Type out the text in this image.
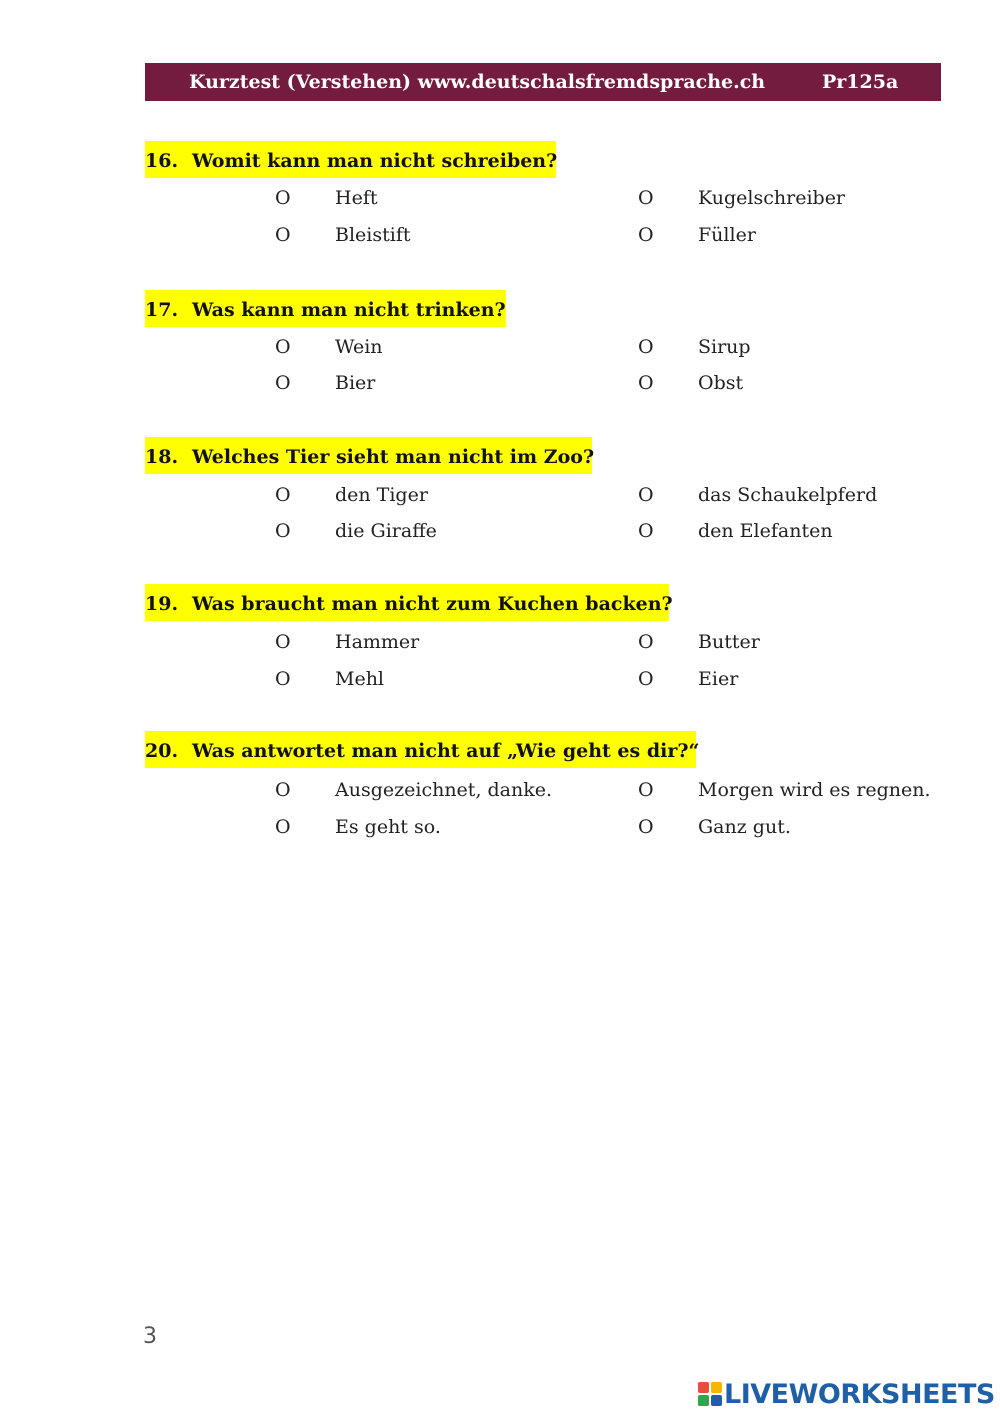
Kurztest (Verstehen) www.deutschalsfremdsprache.ch	Pr125a
16. Womit kann man nicht schreiben?
O Heft	O Kugelschreiber
O Bleistift	O Füller
17. Was kann man nicht trinken?
O Wein	O Sirup
O Bier	O Obst
18. Welches Tier sieht man nicht im Zoo?
O den Tiger	O das Schaukelpferd
O die Giraffe	O den Elefanten
19. Was braucht man nicht zum Kuchen backen?
O Hammer	O Butter
O Mehl	O Eier
20. Was antwortet man nicht auf „Wie geht es dir?“
O Ausgezeichnet, danke.	O Morgen wird es regnen.
O Es geht so.	O Ganz gut.
3
LIVEWORKSHEETS
